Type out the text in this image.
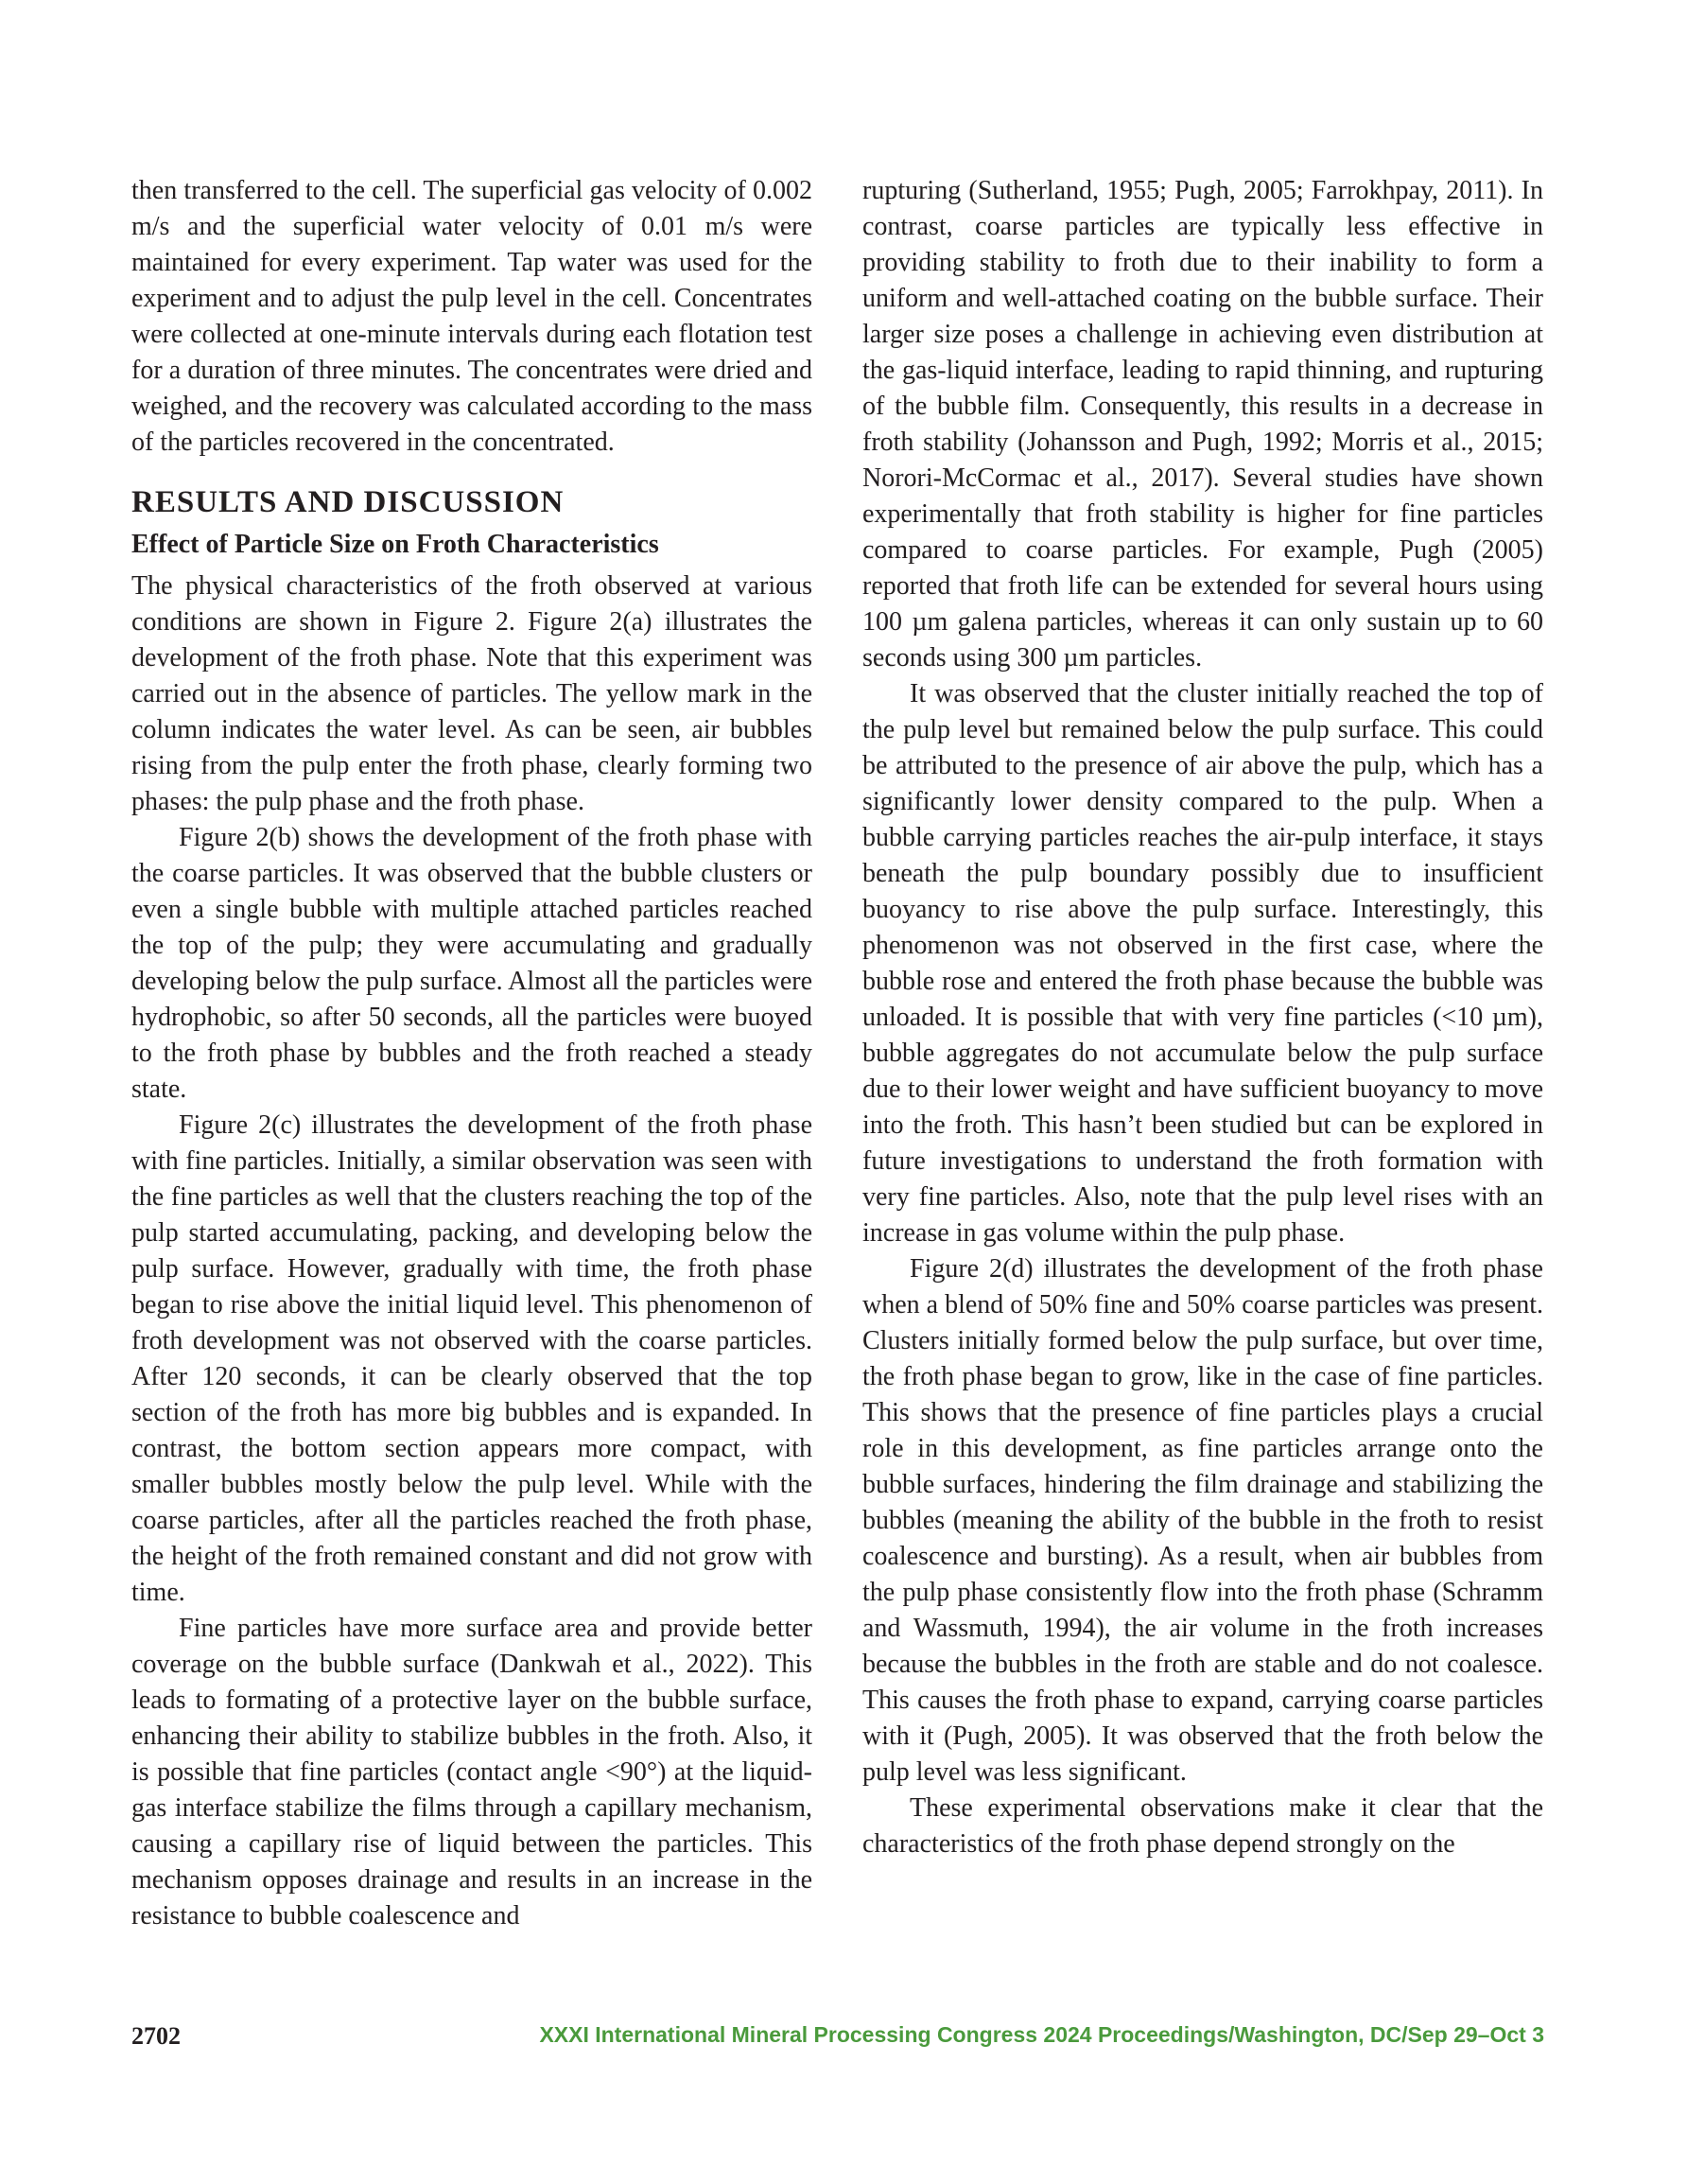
then transferred to the cell. The superficial gas velocity of 0.002 m/s and the superficial water velocity of 0.01 m/s were maintained for every experiment. Tap water was used for the experiment and to adjust the pulp level in the cell. Concentrates were collected at one-minute intervals during each flotation test for a duration of three minutes. The concentrates were dried and weighed, and the recovery was calculated according to the mass of the particles recovered in the concentrated.

RESULTS AND DISCUSSION
Effect of Particle Size on Froth Characteristics

The physical characteristics of the froth observed at various conditions are shown in Figure 2. Figure 2(a) illustrates the development of the froth phase. Note that this experiment was carried out in the absence of particles. The yellow mark in the column indicates the water level. As can be seen, air bubbles rising from the pulp enter the froth phase, clearly forming two phases: the pulp phase and the froth phase.

Figure 2(b) shows the development of the froth phase with the coarse particles. It was observed that the bubble clusters or even a single bubble with multiple attached particles reached the top of the pulp; they were accumulating and gradually developing below the pulp surface. Almost all the particles were hydrophobic, so after 50 seconds, all the particles were buoyed to the froth phase by bubbles and the froth reached a steady state.

Figure 2(c) illustrates the development of the froth phase with fine particles. Initially, a similar observation was seen with the fine particles as well that the clusters reaching the top of the pulp started accumulating, packing, and developing below the pulp surface. However, gradually with time, the froth phase began to rise above the initial liquid level. This phenomenon of froth development was not observed with the coarse particles. After 120 seconds, it can be clearly observed that the top section of the froth has more big bubbles and is expanded. In contrast, the bottom section appears more compact, with smaller bubbles mostly below the pulp level. While with the coarse particles, after all the particles reached the froth phase, the height of the froth remained constant and did not grow with time.

Fine particles have more surface area and provide better coverage on the bubble surface (Dankwah et al., 2022). This leads to formating of a protective layer on the bubble surface, enhancing their ability to stabilize bubbles in the froth. Also, it is possible that fine particles (contact angle <90°) at the liquid-gas interface stabilize the films through a capillary mechanism, causing a capillary rise of liquid between the particles. This mechanism opposes drainage and results in an increase in the resistance to bubble coalescence and

rupturing (Sutherland, 1955; Pugh, 2005; Farrokhpay, 2011). In contrast, coarse particles are typically less effective in providing stability to froth due to their inability to form a uniform and well-attached coating on the bubble surface. Their larger size poses a challenge in achieving even distribution at the gas-liquid interface, leading to rapid thinning, and rupturing of the bubble film. Consequently, this results in a decrease in froth stability (Johansson and Pugh, 1992; Morris et al., 2015; Norori-McCormac et al., 2017). Several studies have shown experimentally that froth stability is higher for fine particles compared to coarse particles. For example, Pugh (2005) reported that froth life can be extended for several hours using 100 µm galena particles, whereas it can only sustain up to 60 seconds using 300 µm particles.

It was observed that the cluster initially reached the top of the pulp level but remained below the pulp surface. This could be attributed to the presence of air above the pulp, which has a significantly lower density compared to the pulp. When a bubble carrying particles reaches the air-pulp interface, it stays beneath the pulp boundary possibly due to insufficient buoyancy to rise above the pulp surface. Interestingly, this phenomenon was not observed in the first case, where the bubble rose and entered the froth phase because the bubble was unloaded. It is possible that with very fine particles (<10 µm), bubble aggregates do not accumulate below the pulp surface due to their lower weight and have sufficient buoyancy to move into the froth. This hasn’t been studied but can be explored in future investigations to understand the froth formation with very fine particles. Also, note that the pulp level rises with an increase in gas volume within the pulp phase.

Figure 2(d) illustrates the development of the froth phase when a blend of 50% fine and 50% coarse particles was present. Clusters initially formed below the pulp surface, but over time, the froth phase began to grow, like in the case of fine particles. This shows that the presence of fine particles plays a crucial role in this development, as fine particles arrange onto the bubble surfaces, hindering the film drainage and stabilizing the bubbles (meaning the ability of the bubble in the froth to resist coalescence and bursting). As a result, when air bubbles from the pulp phase consistently flow into the froth phase (Schramm and Wassmuth, 1994), the air volume in the froth increases because the bubbles in the froth are stable and do not coalesce. This causes the froth phase to expand, carrying coarse particles with it (Pugh, 2005). It was observed that the froth below the pulp level was less significant.

These experimental observations make it clear that the characteristics of the froth phase depend strongly on the

2702	XXXI International Mineral Processing Congress 2024 Proceedings/Washington, DC/Sep 29–Oct 3
